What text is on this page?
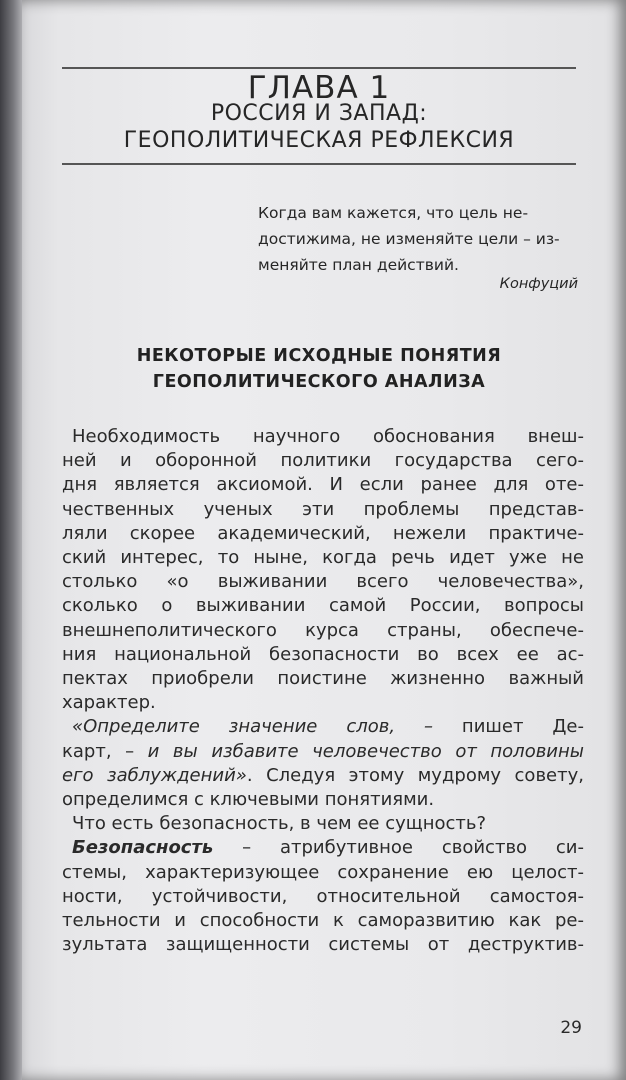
ГЛАВА 1
РОССИЯ И ЗАПАД:
ГЕОПОЛИТИЧЕСКАЯ РЕФЛЕКСИЯ
Когда вам кажется, что цель не-
достижима, не изменяйте цели – из-
меняйте план действий.
Конфуций
НЕКОТОРЫЕ ИСХОДНЫЕ ПОНЯТИЯ
ГЕОПОЛИТИЧЕСКОГО АНАЛИЗА
Необходимость научного обоснования внеш-
ней и оборонной политики государства сего-
дня является аксиомой. И если ранее для оте-
чественных ученых эти проблемы представ-
ляли скорее академический, нежели практиче-
ский интерес, то ныне, когда речь идет уже не
столько «о выживании всего человечества»,
сколько о выживании самой России, вопросы
внешнеполитического курса страны, обеспече-
ния национальной безопасности во всех ее ас-
пектах приобрели поистине жизненно важный
характер.
«Определите значение слов, – пишет Де-
карт, – и вы избавите человечество от половины
его заблуждений». Следуя этому мудрому совету,
определимся с ключевыми понятиями.
Что есть безопасность, в чем ее сущность?
Безопасность – атрибутивное свойство си-
стемы, характеризующее сохранение ею целост-
ности, устойчивости, относительной самостоя-
тельности и способности к саморазвитию как ре-
зультата защищенности системы от деструктив-
29
